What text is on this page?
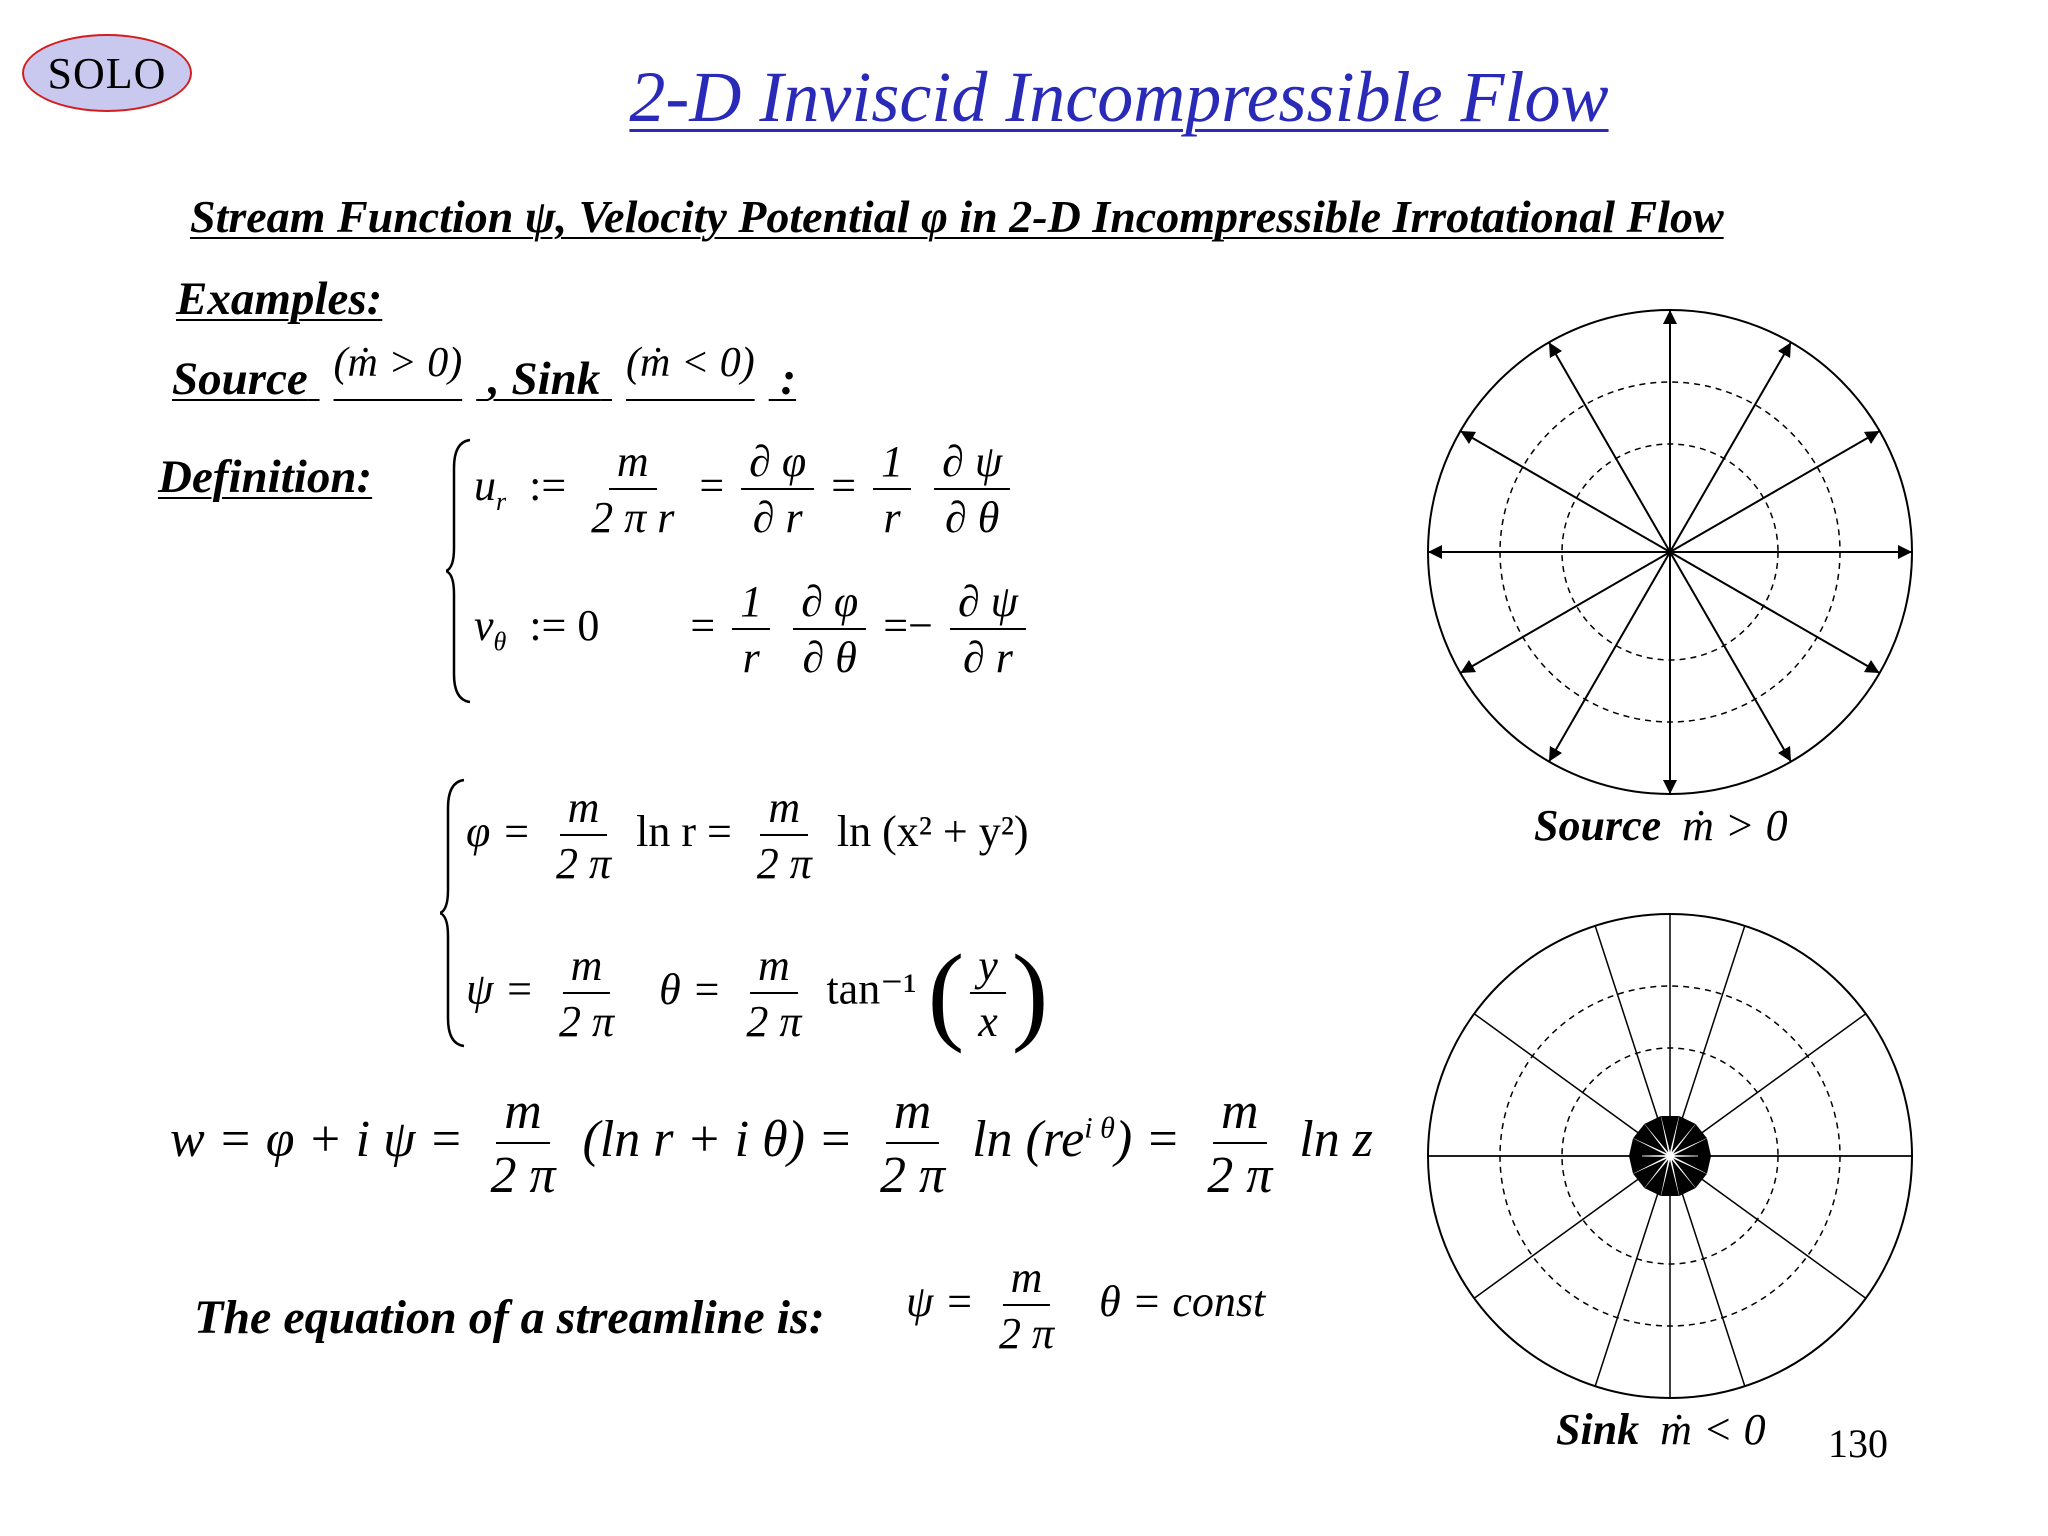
SOLO	2-D Inviscid Incompressible Flow
Stream Function ψ, Velocity Potential φ in 2-D Incompressible Irrotational Flow
Examples:
Source (ṁ > 0) , Sink (ṁ < 0) :
Definition: $u_r$ := $\frac{m}{\text{2 π r}} = \frac{\partial \varphi}{\partial r} = \frac{1}{r}$
$\frac{\partial \psi}{\partial \theta}$
$v_\theta$ := $0 = \frac{1}{r}$
$\frac{\partial \varphi}{\partial \theta} =- \frac{\partial \psi}{\partial r}$
$\varphi = \frac{m}{2 \pi}$ $\ln r = \frac{m}{2 \pi}$ ln (x² + y²)
$\psi = \frac{m}{2 \pi}$ $\theta = \frac{m}{2 \pi} \tan^{-1}$ ( $\frac{y}{x}$ )
w = φ + i $\psi = \frac{m}{2 \pi} (\ln$ r + i $\theta) = \frac{m}{2 \pi}$ $\ln (re^{i \theta}) = \frac{m}{2 \pi}$ ln z
The equation of a streamline is: $\psi = \frac{m}{2 \pi}$ θ = const
Source ṁ > 0
Sink ṁ < 0 130
